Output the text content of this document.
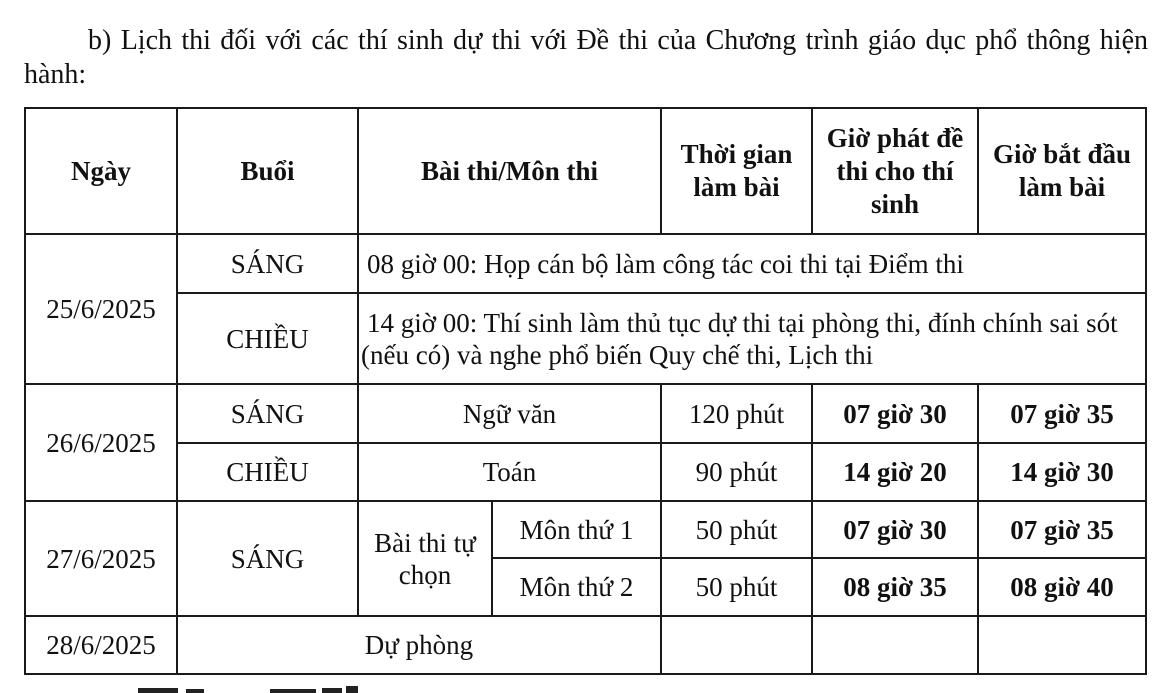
b) Lịch thi đối với các thí sinh dự thi với Đề thi của Chương trình giáo dục phổ thông hiện hành:
Ngày	Buổi	Bài thi/Môn thi		Thời gian làm bài	Giờ phát đề thi cho thí sinh	Giờ bắt đầu làm bài
25/6/2025	SÁNG	08 giờ 00: Họp cán bộ làm công tác coi thi tại Điểm thi				
	CHIỀU	14 giờ 00: Thí sinh làm thủ tục dự thi tại phòng thi, đính chính sai sót (nếu có) và nghe phổ biến Quy chế thi, Lịch thi				
26/6/2025	SÁNG	Ngữ văn		120 phút	07 giờ 30	07 giờ 35
	CHIỀU	Toán		90 phút	14 giờ 20	14 giờ 30
27/6/2025	SÁNG	Bài thi tự chọn	Môn thứ 1	50 phút	07 giờ 30	07 giờ 35
			Môn thứ 2	50 phút	08 giờ 35	08 giờ 40
28/6/2025	Dự phòng					
